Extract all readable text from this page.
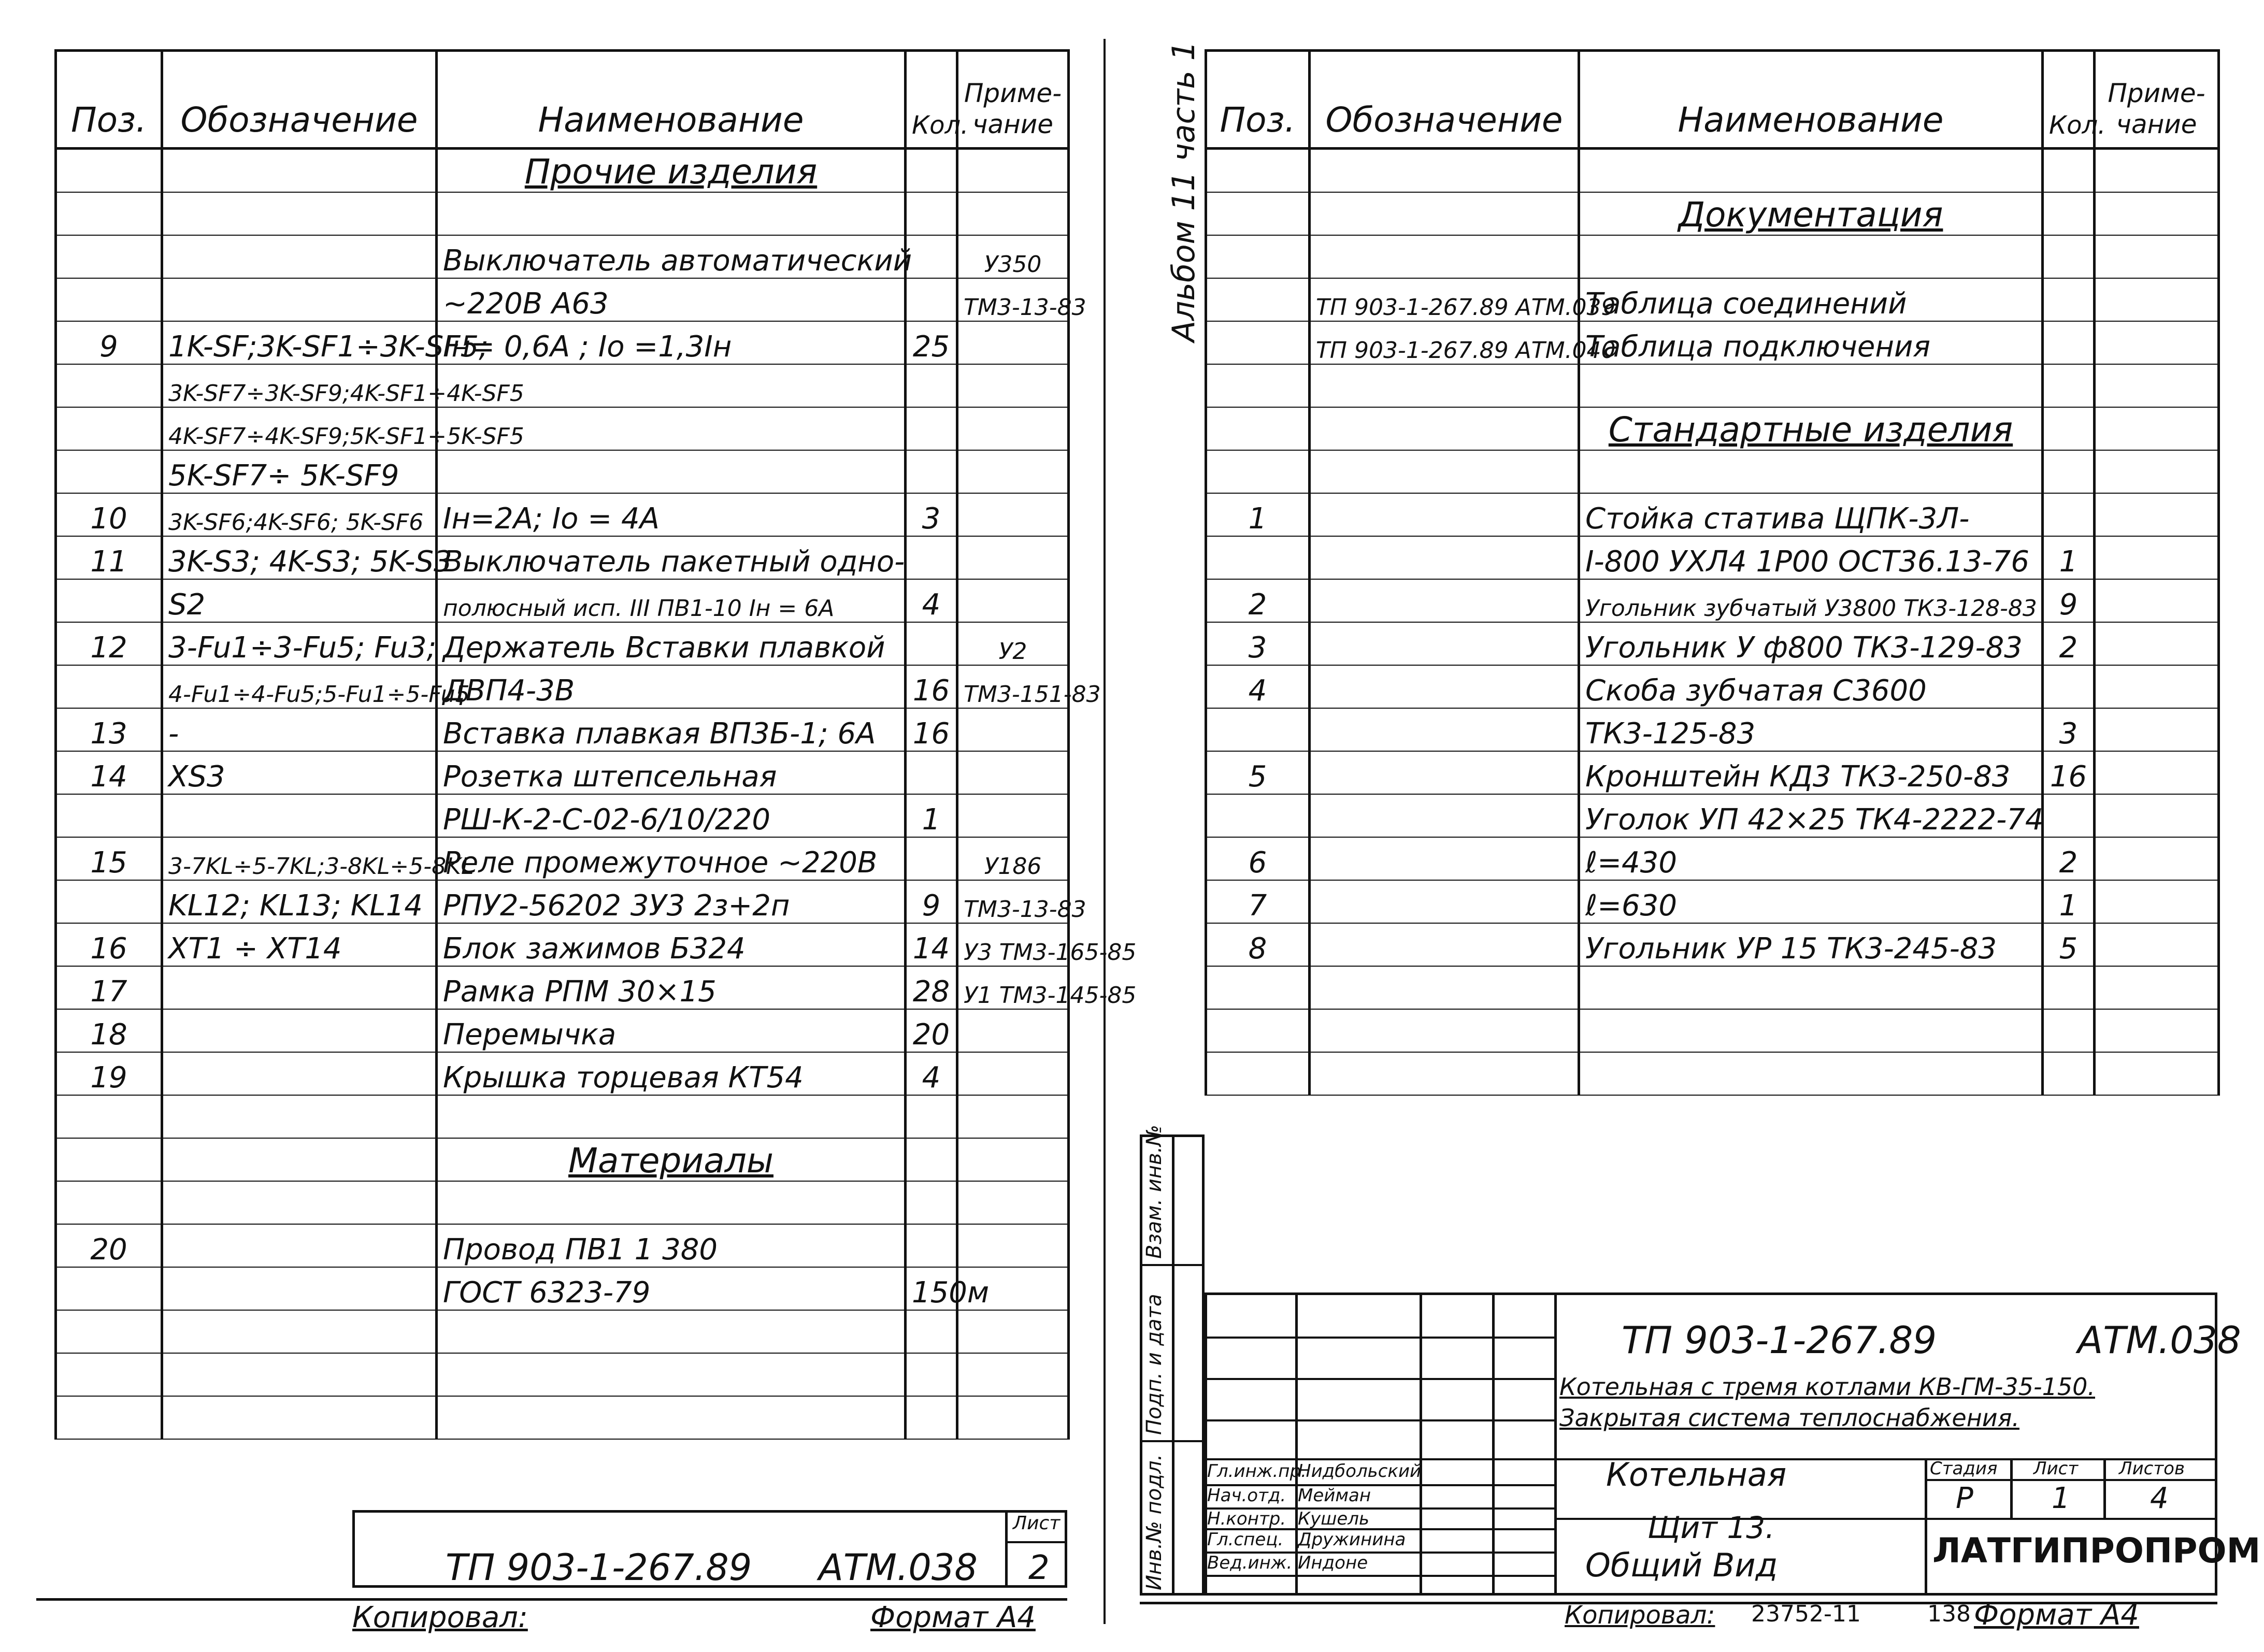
Поз.	Обозначение	Наименование	Кол.	Приме-
чание
		Прочие изделия		

		Выключатель автоматический		У350
		~220В А63		ТМ3-13-83
9	1K-SF;3K-SF1÷3K-SF5;	Iн= 0,6А ; Iо =1,3Iн	25	
	3K-SF7÷3K-SF9;4K-SF1÷4K-SF5			
	4K-SF7÷4K-SF9;5K-SF1÷5K-SF5			
	5K-SF7÷ 5K-SF9			
10	3K-SF6;4K-SF6; 5K-SF6	Iн=2А; Iо = 4А	3	
11	3K-S3; 4K-S3; 5K-S3	Выключатель пакетный одно-		
	S2	полюсный исп. III ПВ1-10 Iн = 6А	4	
12	3-Fu1÷3-Fu5; Fu3;	Держатель Вставки плавкой		У2
	4-Fu1÷4-Fu5;5-Fu1÷5-Fu5	ДВП4-3В	16	ТМ3-151-83
13	-	Вставка плавкая ВП3Б-1; 6А	16	
14	XS3	Розетка штепсельная		
		РШ-К-2-С-02-6/10/220	1	
15	3-7KL÷5-7KL;3-8KL÷5-8KL	Реле промежуточное ~220В		У186
	KL12; KL13; KL14	РПУ2-56202 3У3 2з+2п	9	ТМ3-13-83
16	XT1 ÷ XT14	Блок зажимов Б324	14	У3 ТМ3-165-85
17		Рамка РПМ 30×15	28	У1 ТМ3-145-85
18		Перемычка	20	
19		Крышка торцевая КТ54	4	

		Материалы		

20		Провод ПВ1 1 380		
		ГОСТ 6323-79	150м	

ТП 903-1-267.89 АТМ.038
Лист
2
Копировал:	Формат А4
Альбом 11 часть 1 Поз.	Обозначение	Наименование	Кол.	Приме-
чание

		Документация		

	ТП 903-1-267.89 АТМ.039	Таблица соединений		
	ТП 903-1-267.89 АТМ.040	Таблица подключения		

		Стандартные изделия		

1		Стойка статива ЩПК-3Л-		
		I-800 УХЛ4 1Р00 ОСТ36.13-76	1	
2		Угольник зубчатый У3800 ТК3-128-83	9	
3		Угольник У ф800 ТК3-129-83	2	
4		Скоба зубчатая С3600		
		ТК3-125-83	3	
5		Кронштейн КД3 ТК3-250-83	16	
		Уголок УП 42×25 ТК4-2222-74		
6		ℓ=430	2	
7		ℓ=630	1	
8		Угольник УР 15 ТК3-245-83	5	

Инв.№ подл.
Подп. и дата
Взам. инв.№
Гл.инж.пр.
Нидбольский
Нач.отд. Мейман
Н.контр. Кушель
Гл.спец. Дружинина
Вед.инж. Индоне
ТП 903-1-267.89	АТМ.038
Котельная с тремя котлами КВ-ГМ-35-150.
Закрытая система теплоснабжения.
Котельная
Щит 13.
Общий Вид
Стадия Лист Листов
Р	1	4
ЛАТГИПРОПРОМ
Копировал: 23752-11	138 Формат А4
